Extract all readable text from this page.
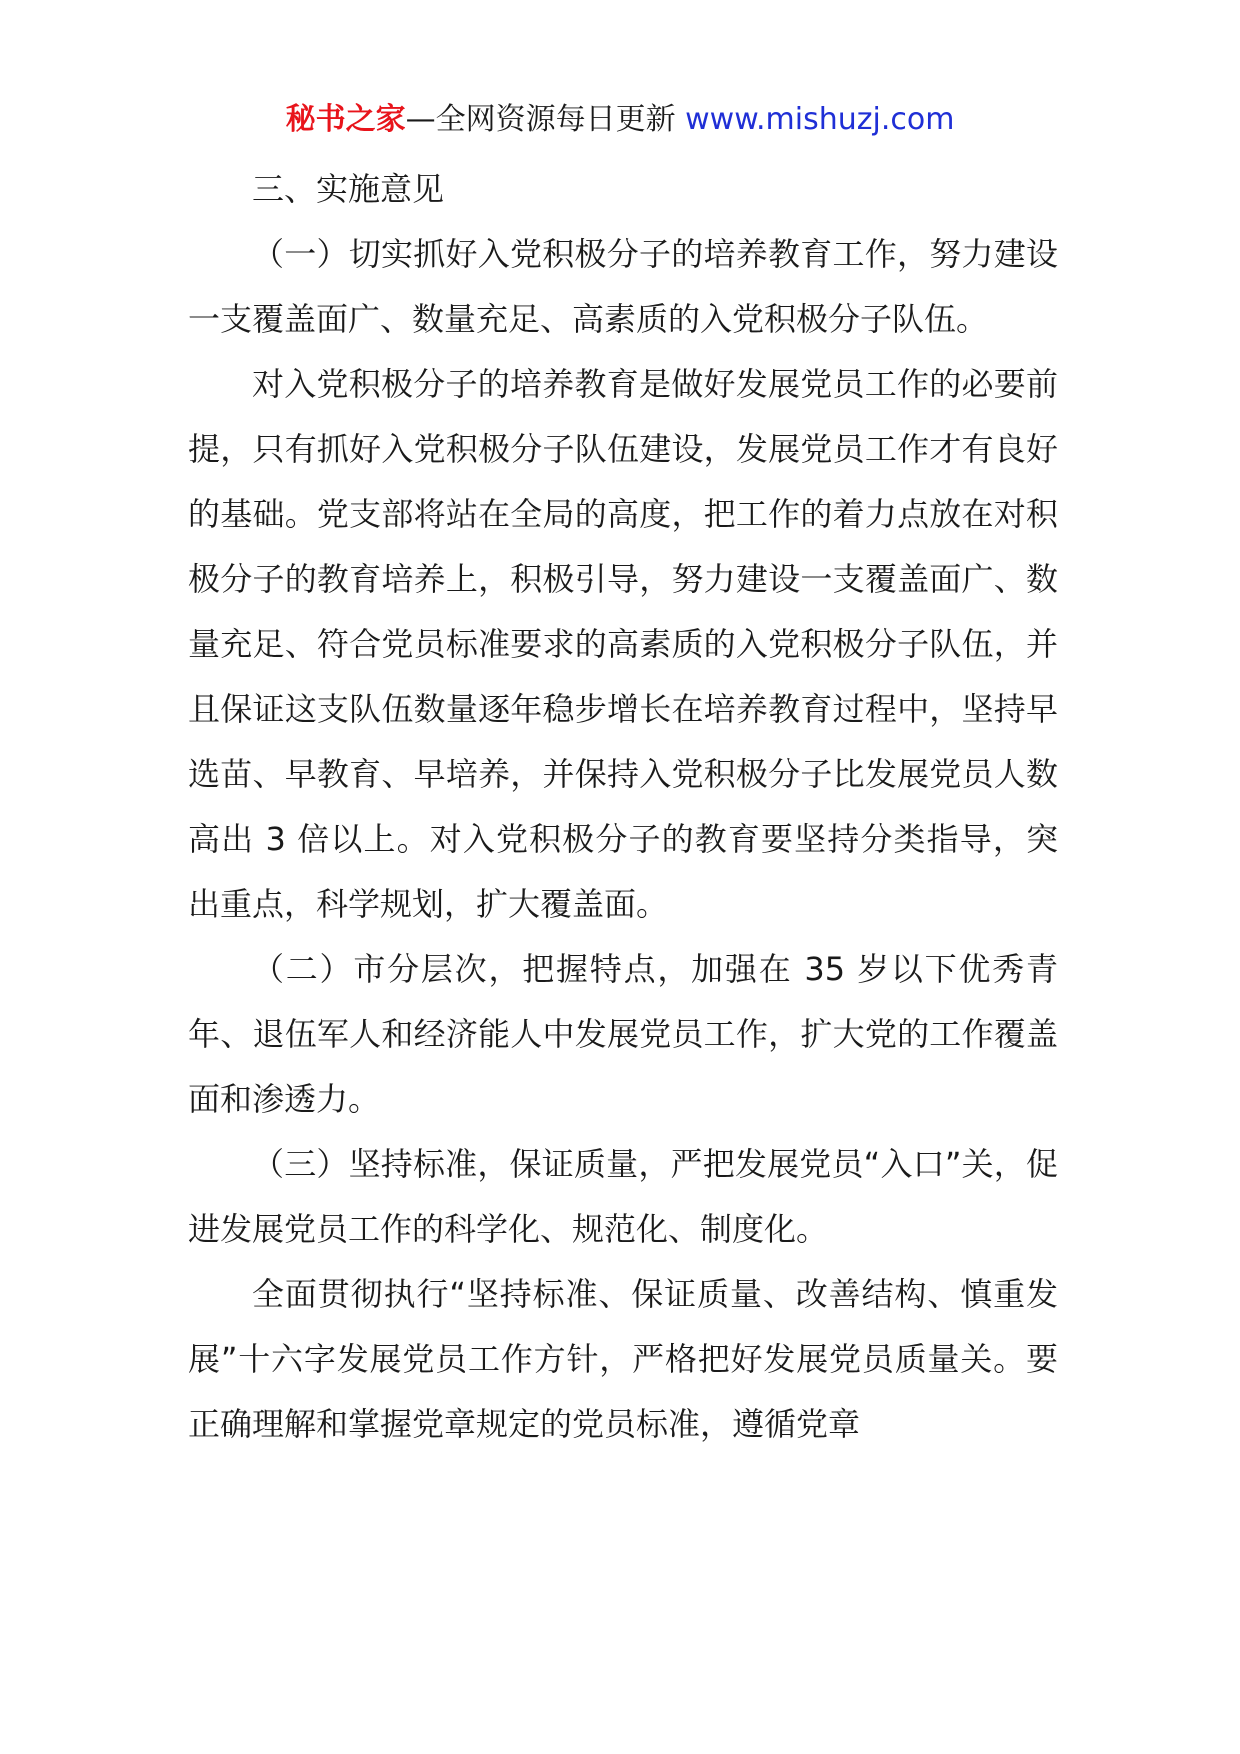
秘书之家—全网资源每日更新 www.mishuzj.com

三、实施意见

（一）切实抓好入党积极分子的培养教育工作，努力建设一支覆盖面广、数量充足、高素质的入党积极分子队伍。

对入党积极分子的培养教育是做好发展党员工作的必要前提，只有抓好入党积极分子队伍建设，发展党员工作才有良好的基础。党支部将站在全局的高度，把工作的着力点放在对积极分子的教育培养上，积极引导，努力建设一支覆盖面广、数量充足、符合党员标准要求的高素质的入党积极分子队伍，并且保证这支队伍数量逐年稳步增长在培养教育过程中，坚持早选苗、早教育、早培养，并保持入党积极分子比发展党员人数高出 3 倍以上。对入党积极分子的教育要坚持分类指导，突出重点，科学规划，扩大覆盖面。

（二）市分层次，把握特点，加强在 35 岁以下优秀青年、退伍军人和经济能人中发展党员工作，扩大党的工作覆盖面和渗透力。

（三）坚持标准，保证质量，严把发展党员“入口”关，促进发展党员工作的科学化、规范化、制度化。

全面贯彻执行“坚持标准、保证质量、改善结构、慎重发展”十六字发展党员工作方针，严格把好发展党员质量关。要正确理解和掌握党章规定的党员标准，遵循党章
